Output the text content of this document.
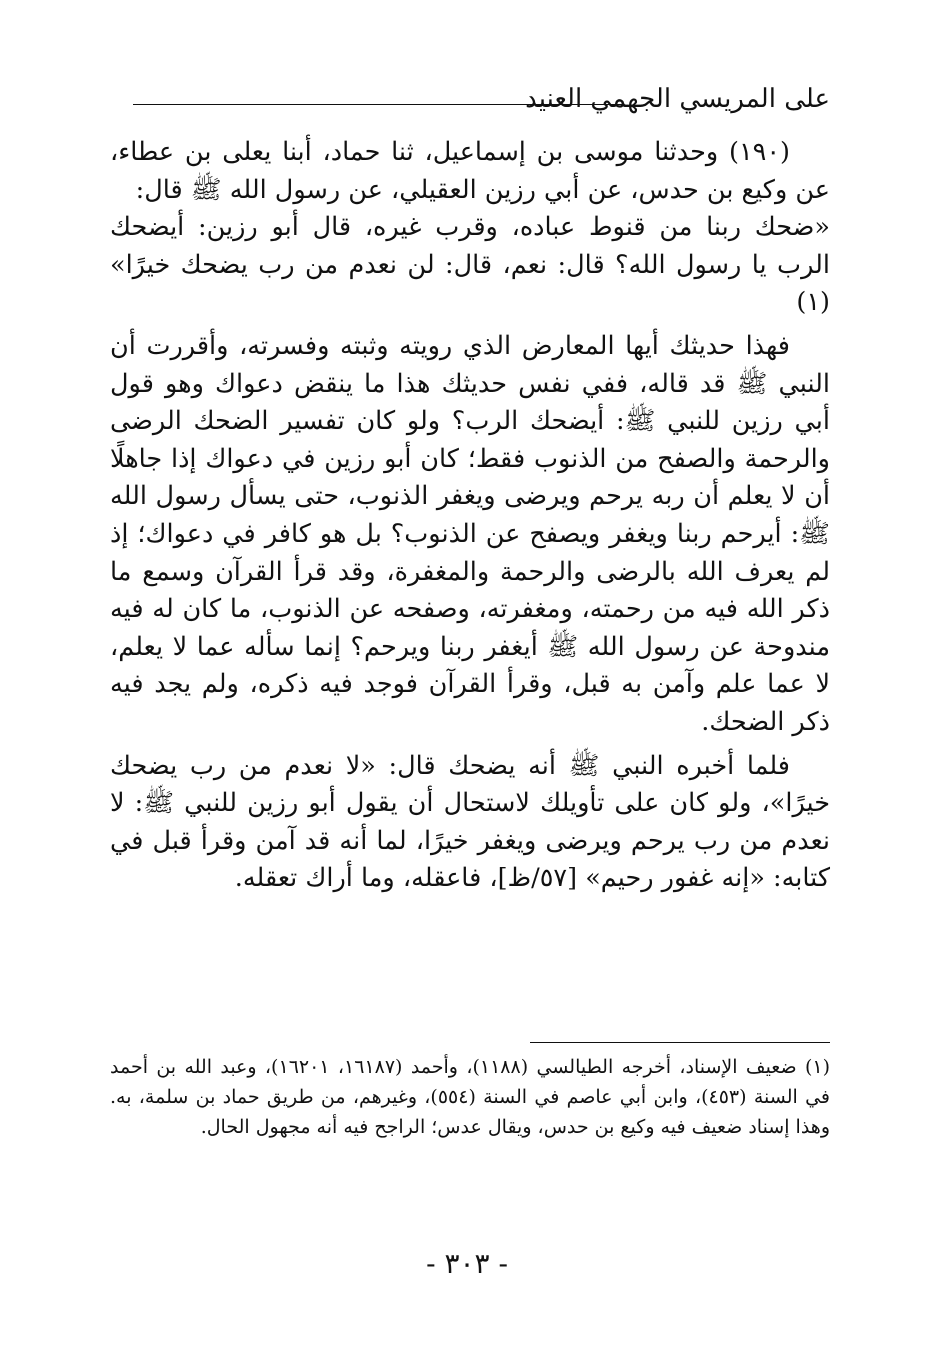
على المريسي الجهمي العنيد

(١٩٠) وحدثنا موسى بن إسماعيل، ثنا حماد، أبنا يعلى بن عطاء، عن وكيع بن حدس، عن أبي رزين العقيلي، عن رسول الله ﷺ قال:

«ضحك ربنا من قنوط عباده، وقرب غيره، قال أبو رزين: أيضحك الرب يا رسول الله؟ قال: نعم، قال: لن نعدم من رب يضحك خيرًا» (١)

فهذا حديثك أيها المعارض الذي رويته وثبته وفسرته، وأقررت أن النبي ﷺ قد قاله، ففي نفس حديثك هذا ما ينقض دعواك وهو قول أبي رزين للنبي ﷺ: أيضحك الرب؟ ولو كان تفسير الضحك الرضى والرحمة والصفح من الذنوب فقط؛ كان أبو رزين في دعواك إذا جاهلًا أن لا يعلم أن ربه يرحم ويرضى ويغفر الذنوب، حتى يسأل رسول الله ﷺ: أيرحم ربنا ويغفر ويصفح عن الذنوب؟ بل هو كافر في دعواك؛ إذ لم يعرف الله بالرضى والرحمة والمغفرة، وقد قرأ القرآن وسمع ما ذكر الله فيه من رحمته، ومغفرته، وصفحه عن الذنوب، ما كان له فيه مندوحة عن رسول الله ﷺ أيغفر ربنا ويرحم؟ إنما سأله عما لا يعلم، لا عما علم وآمن به قبل، وقرأ القرآن فوجد فيه ذكره، ولم يجد فيه ذكر الضحك.

فلما أخبره النبي ﷺ أنه يضحك قال: «لا نعدم من رب يضحك خيرًا»، ولو كان على تأويلك لاستحال أن يقول أبو رزين للنبي ﷺ: لا نعدم من رب يرحم ويرضى ويغفر خيرًا، لما أنه قد آمن وقرأ قبل في كتابه: «إنه غفور رحيم» [٥٧/ظ]، فاعقله، وما أراك تعقله.

(١) ضعيف الإسناد، أخرجه الطيالسي (١١٨٨)، وأحمد (١٦١٨٧، ١٦٢٠١)، وعبد الله بن أحمد في السنة (٤٥٣)، وابن أبي عاصم في السنة (٥٥٤)، وغيرهم، من طريق حماد بن سلمة، به. وهذا إسناد ضعيف فيه وكيع بن حدس، ويقال عدس؛ الراجح فيه أنه مجهول الحال.

- ٣٠٣ -
